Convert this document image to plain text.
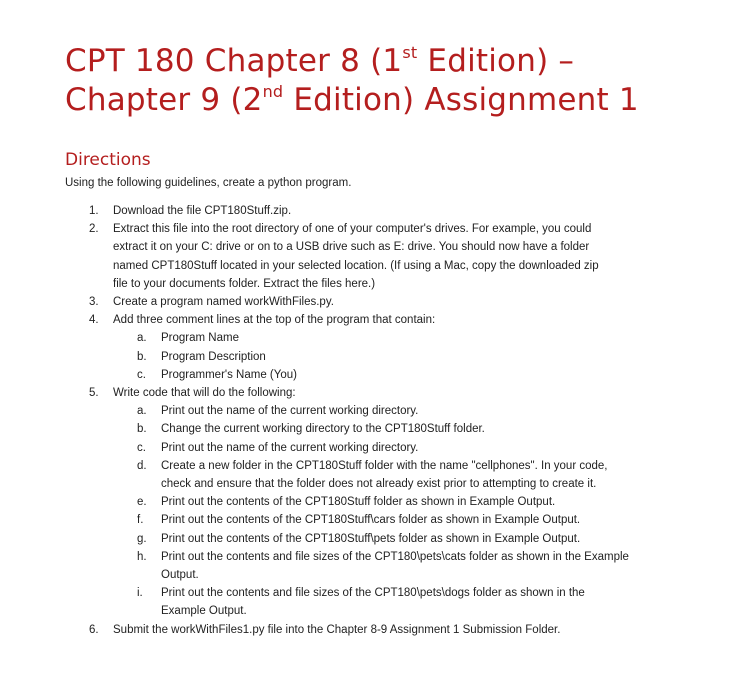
CPT 180 Chapter 8 (1st Edition) –
Chapter 9 (2nd Edition) Assignment 1
Directions

Using the following guidelines, create a python program.

1. Download the file CPT180Stuff.zip.
2. Extract this file into the root directory of one of your computer's drives. For example, you could
extract it on your C: drive or on to a USB drive such as E: drive. You should now have a folder
named CPT180Stuff located in your selected location. (If using a Mac, copy the downloaded zip
file to your documents folder. Extract the files here.)
3. Create a program named workWithFiles.py.
4. Add three comment lines at the top of the program that contain:
a. Program Name
b. Program Description
c. Programmer's Name (You)
5. Write code that will do the following:
a. Print out the name of the current working directory.
b. Change the current working directory to the CPT180Stuff folder.
c. Print out the name of the current working directory.
d. Create a new folder in the CPT180Stuff folder with the name "cellphones". In your code,
check and ensure that the folder does not already exist prior to attempting to create it.
e. Print out the contents of the CPT180Stuff folder as shown in Example Output.
f. Print out the contents of the CPT180Stuff\cars folder as shown in Example Output.
g. Print out the contents of the CPT180Stuff\pets folder as shown in Example Output.
h. Print out the contents and file sizes of the CPT180\pets\cats folder as shown in the Example
Output.
i. Print out the contents and file sizes of the CPT180\pets\dogs folder as shown in the
Example Output.
6. Submit the workWithFiles1.py file into the Chapter 8-9 Assignment 1 Submission Folder.
